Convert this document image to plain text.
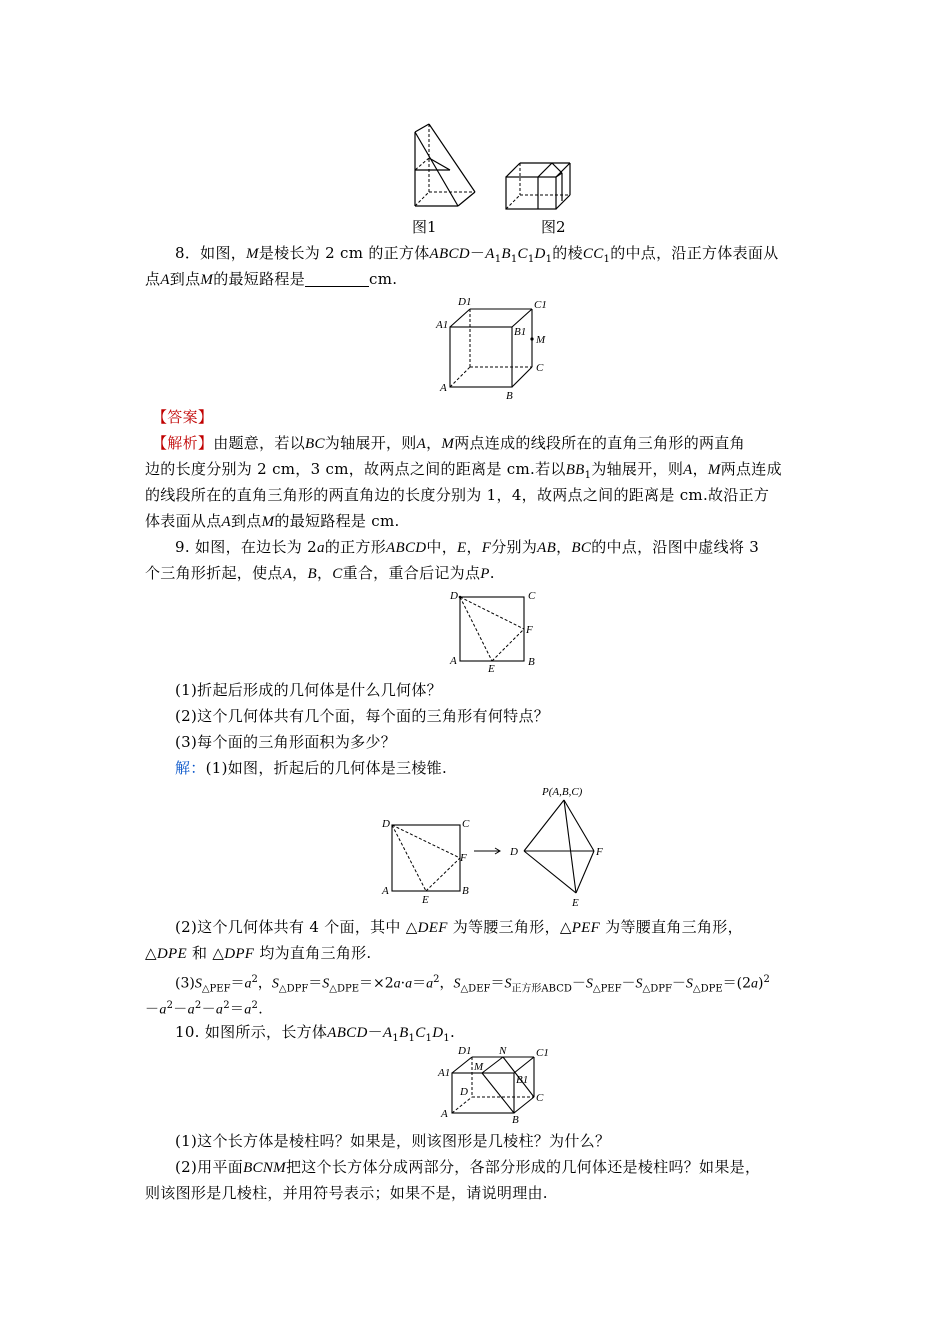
图1	图2
8．如图，M是棱长为 2 cm 的正方体$ABCD-A_1B_1C_1D_1$的棱$CC_1$的中点，沿正方体表面从
点A到点M的最短路程是	cm.
D1	C1
A1
B1
M
C
A
B
【答案】
【解析】由题意，若以BC为轴展开，则A，M两点连成的线段所在的直角三角形的两直角
边的长度分别为 2 cm，3 cm，故两点之间的距离是 cm.若以$BB_1$为轴展开，则A，M两点连成
的线段所在的直角三角形的两直角边的长度分别为 1，4，故两点之间的距离是 cm.故沿正方
体表面从点A到点M的最短路程是 cm.
9. 如图，在边长为 2a的正方形ABCD中，E，F分别为AB，BC的中点，沿图中虚线将 3
个三角形折起，使点A，B，C重合，重合后记为点P.
D	C
F
A
E
B
(1)折起后形成的几何体是什么几何体？
(2)这个几何体共有几个面，每个面的三角形有何特点？
(3)每个面的三角形面积为多少？
解：(1)如图，折起后的几何体是三棱锥.
D	C
F
A
E
B
P(A,B,C)
D	F
E
(2)这个几何体共有 4 个面，其中 △DEF 为等腰三角形，△PEF 为等腰直角三角形，
△DPE 和 △DPF 均为直角三角形.
$(3)S_{\triangle PEF}=a^2$，$S_{\triangle DPF}=S_{\triangle DPE}=\times 2a\cdot a=a^2$，$S_{\triangle DEF}=S_{正方形ABCD}-S_{\triangle PEF}-S_{\triangle DPF}-S_{\triangle DPE}=(2a)^2$
$-a^2-a^2-a^2=a^2$.
10. 如图所示，长方体$ABCD-A_1B_1C_1D_1$.
D1	N	C1
A1 M
B1
D	C
A	B
(1)这个长方体是棱柱吗？如果是，则该图形是几棱柱？为什么？
(2)用平面BCNM把这个长方体分成两部分，各部分形成的几何体还是棱柱吗？如果是，
则该图形是几棱柱，并用符号表示；如果不是，请说明理由.
